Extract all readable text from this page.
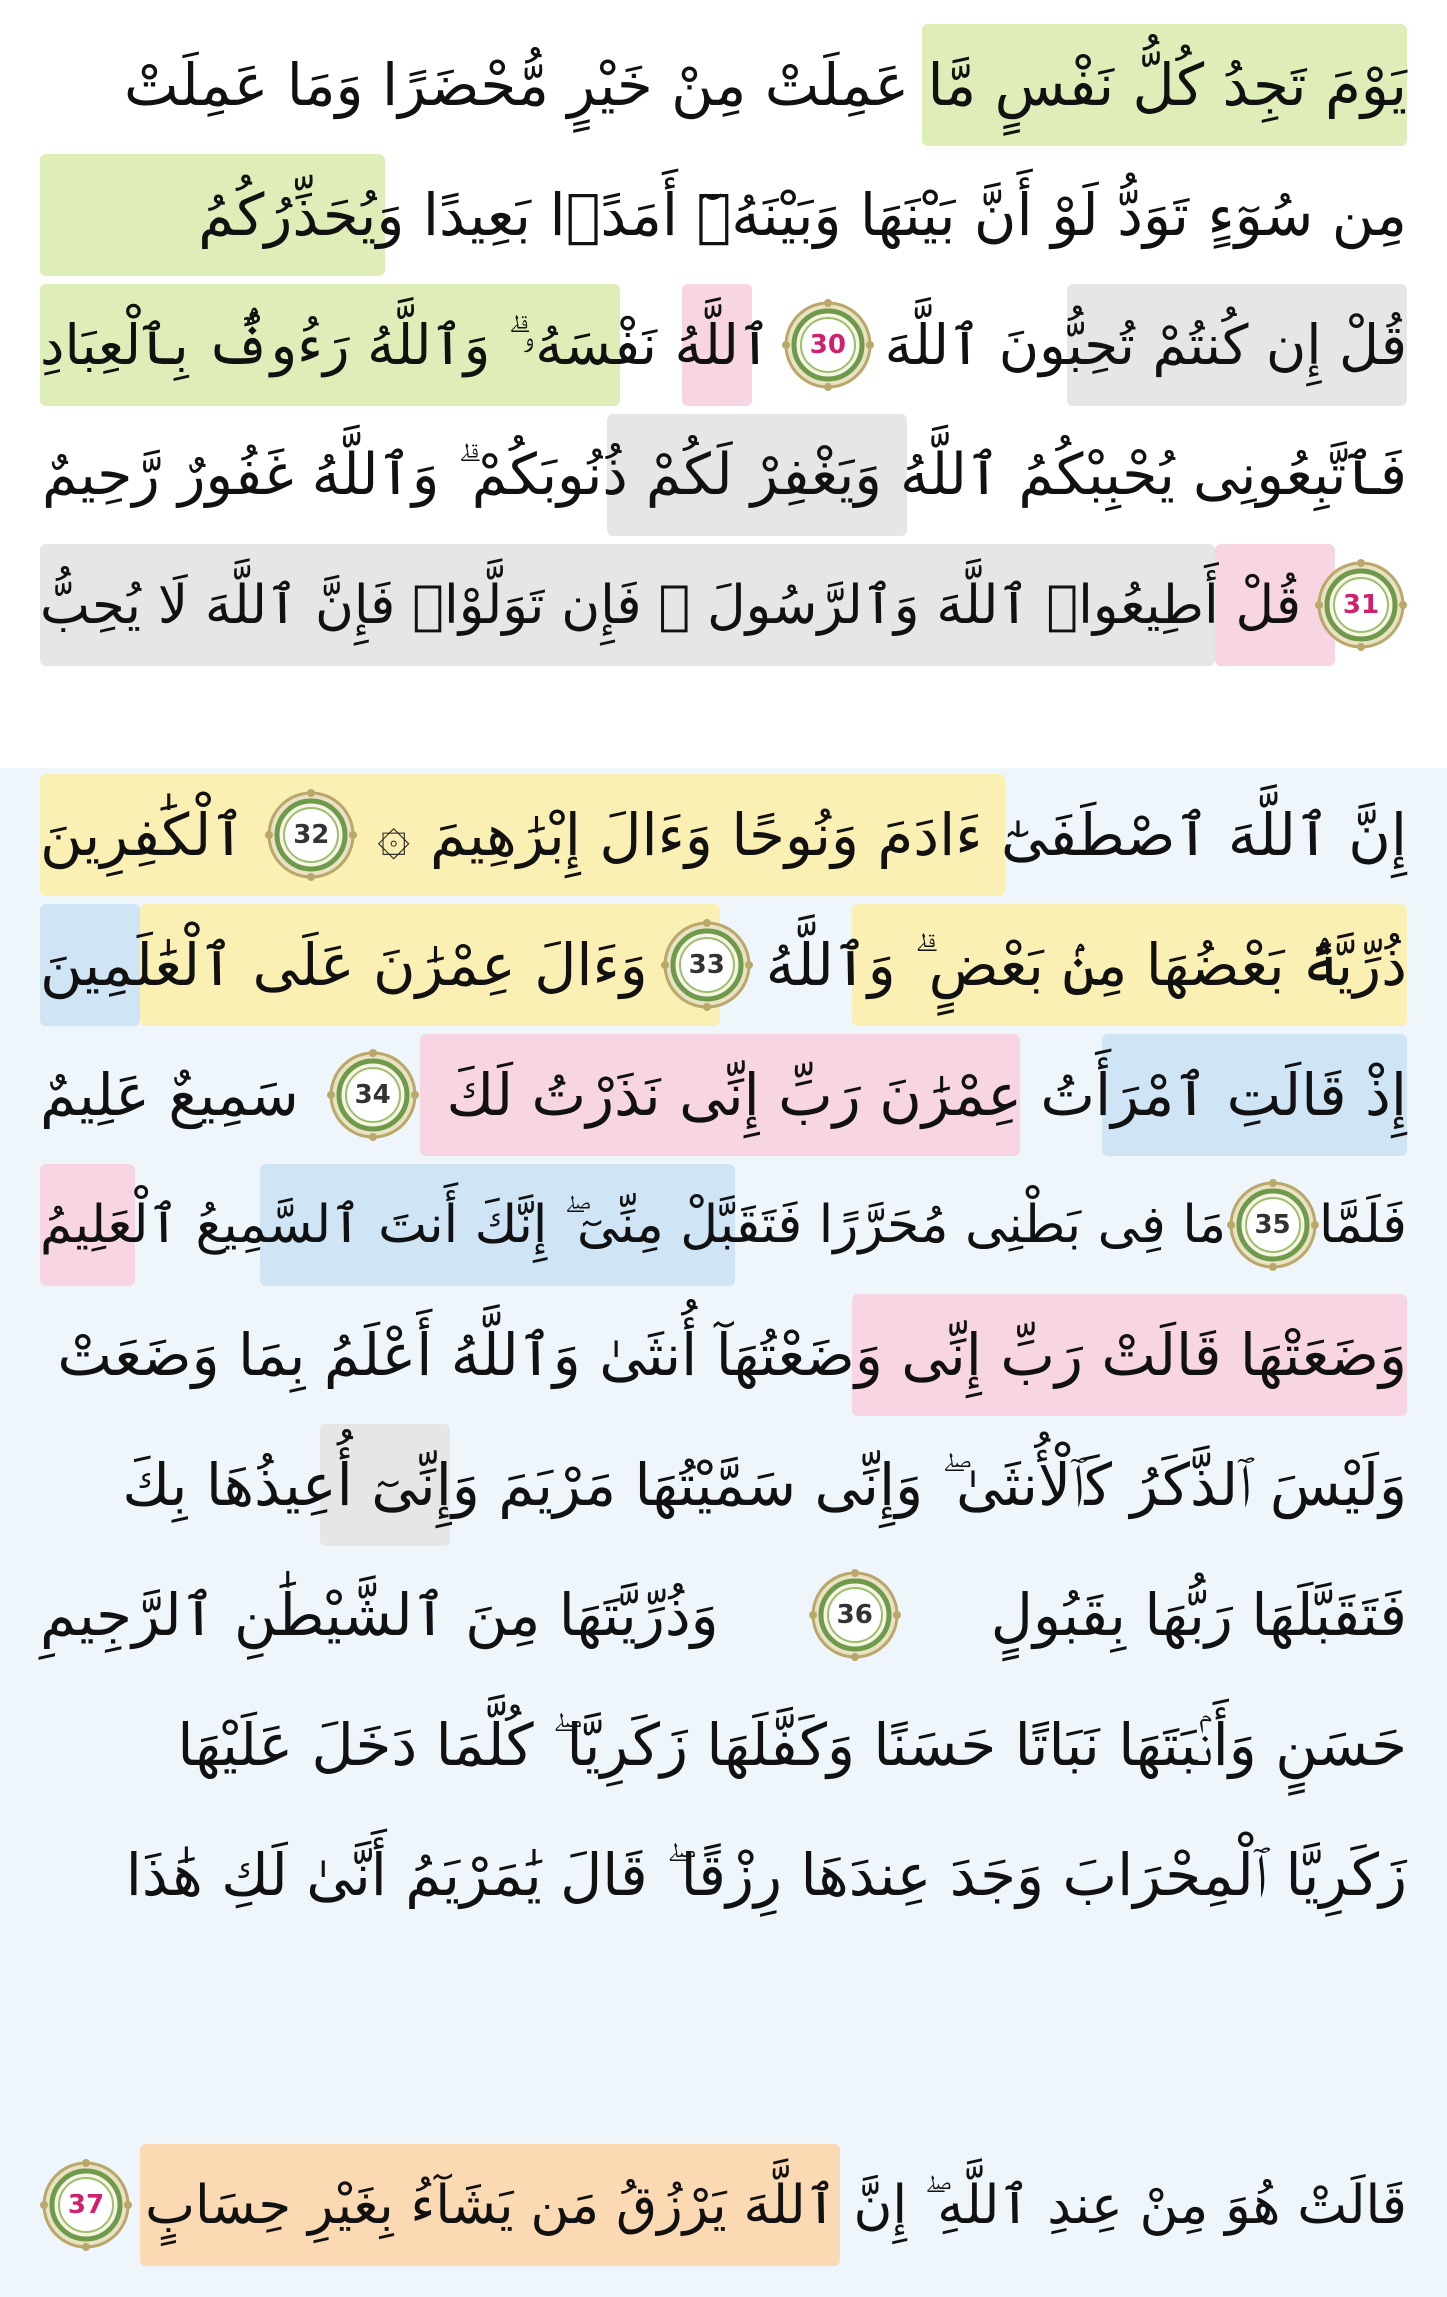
يَوْمَ تَجِدُ كُلُّ نَفْسٍ مَّا عَمِلَتْ مِنْ خَيْرٍ مُّحْضَرًا وَمَا عَمِلَتْ
مِن سُوٓءٍ تَوَدُّ لَوْ أَنَّ بَيْنَهَا وَبَيْنَهُۥٓ أَمَدًۢا بَعِيدًا وَيُحَذِّرُكُمُ
قُلْ إِن كُنتُمْ تُحِبُّونَ ٱللَّهَ
30
ٱللَّهُ نَفْسَهُۥ ۗ وَٱللَّهُ رَءُوفٌۢ بِٱلْعِبَادِ
فَٱتَّبِعُونِى يُحْبِبْكُمُ ٱللَّهُ وَيَغْفِرْ لَكُمْ ذُنُوبَكُمْ ۗ وَٱللَّهُ غَفُورٌ رَّحِيمٌ
31
قُلْ أَطِيعُوا۟ ٱللَّهَ وَٱلرَّسُولَ ۖ فَإِن تَوَلَّوْا۟ فَإِنَّ ٱللَّهَ لَا يُحِبُّ
إِنَّ ٱللَّهَ ٱصْطَفَىٰٓ ءَادَمَ وَنُوحًا وَءَالَ إِبْرَٰهِيمَ
۞
32
ٱلْكَٰفِرِينَ
ذُرِّيَّةًۢ بَعْضُهَا مِنۢ بَعْضٍ ۗ وَٱللَّهُ
33
وَءَالَ عِمْرَٰنَ عَلَى ٱلْعَٰلَمِينَ
إِذْ قَالَتِ ٱمْرَأَتُ عِمْرَٰنَ رَبِّ إِنِّى نَذَرْتُ لَكَ
34
سَمِيعٌ عَلِيمٌ
فَلَمَّا
35
مَا فِى بَطْنِى مُحَرَّرًا فَتَقَبَّلْ مِنِّىٓ ۖ إِنَّكَ أَنتَ ٱلسَّمِيعُ ٱلْعَلِيمُ
وَضَعَتْهَا قَالَتْ رَبِّ إِنِّى وَضَعْتُهَآ أُنثَىٰ وَٱللَّهُ أَعْلَمُ بِمَا وَضَعَتْ
وَلَيْسَ ٱلذَّكَرُ كَٱلْأُنثَىٰ ۖ وَإِنِّى سَمَّيْتُهَا مَرْيَمَ وَإِنِّىٓ أُعِيذُهَا بِكَ
فَتَقَبَّلَهَا رَبُّهَا بِقَبُولٍ
36
وَذُرِّيَّتَهَا مِنَ ٱلشَّيْطَٰنِ ٱلرَّجِيمِ
حَسَنٍ وَأَنۢبَتَهَا نَبَاتًا حَسَنًا وَكَفَّلَهَا زَكَرِيَّا ۖ كُلَّمَا دَخَلَ عَلَيْهَا
زَكَرِيَّا ٱلْمِحْرَابَ وَجَدَ عِندَهَا رِزْقًا ۖ قَالَ يَٰمَرْيَمُ أَنَّىٰ لَكِ هَٰذَا
قَالَتْ هُوَ مِنْ عِندِ ٱللَّهِ ۖ إِنَّ ٱللَّهَ يَرْزُقُ مَن يَشَآءُ بِغَيْرِ حِسَابٍ
37
